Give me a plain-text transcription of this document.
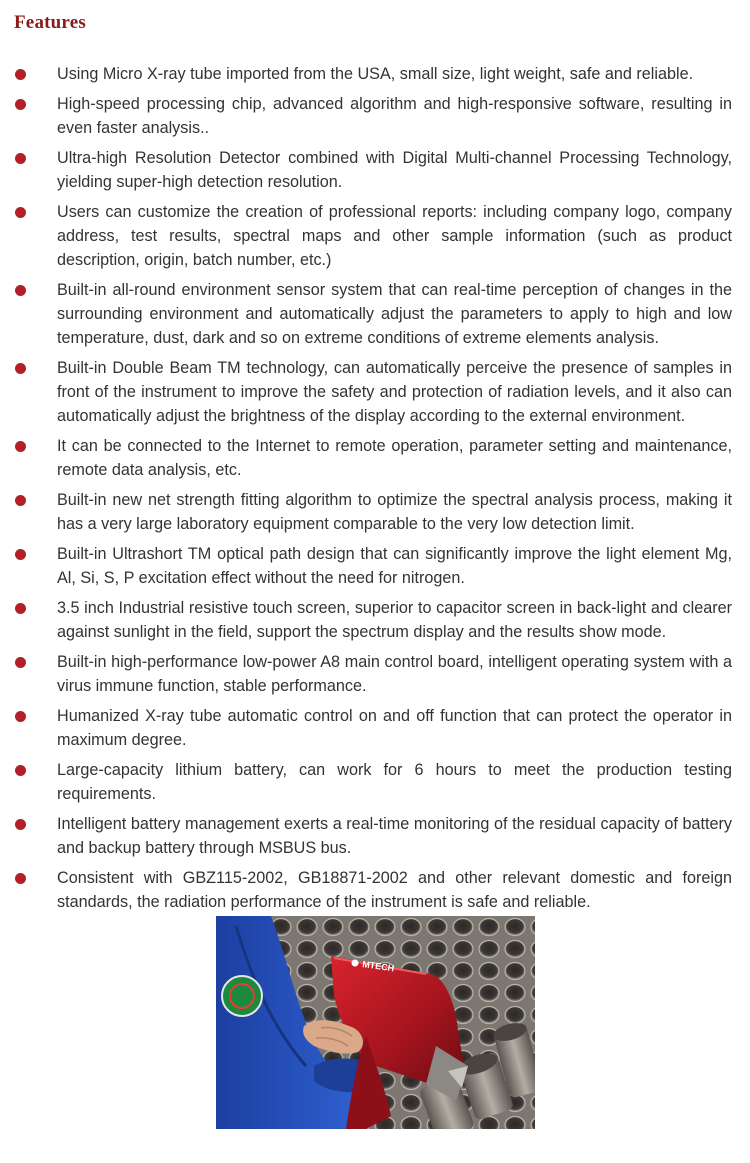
Features
Using Micro X-ray tube imported from the USA, small size, light weight, safe and reliable.
High-speed processing chip, advanced algorithm and high-responsive software, resulting in even faster analysis..
Ultra-high Resolution Detector combined with Digital Multi-channel Processing Technology, yielding super-high detection resolution.
Users can customize the creation of professional reports: including company logo, company address, test results, spectral maps and other sample information (such as product description, origin, batch number, etc.)
Built-in all-round environment sensor system that can real-time perception of changes in the surrounding environment and automatically adjust the parameters to apply to high and low temperature, dust, dark and so on extreme conditions of extreme elements analysis.
Built-in Double Beam TM technology, can automatically perceive the presence of samples in front of the instrument to improve the safety and protection of radiation levels, and it also can automatically adjust the brightness of the display according to the external environment.
It can be connected to the Internet to remote operation, parameter setting and maintenance, remote data analysis, etc.
Built-in new net strength fitting algorithm to optimize the spectral analysis process, making it has a very large laboratory equipment comparable to the very low detection limit.
Built-in Ultrashort TM optical path design that can significantly improve the light element Mg, Al, Si, S, P excitation effect without the need for nitrogen.
3.5 inch Industrial resistive touch screen, superior to capacitor screen in back-light and clearer against sunlight in the field, support the spectrum display and the results show mode.
Built-in high-performance low-power A8 main control board, intelligent operating system with a virus immune function, stable performance.
Humanized X-ray tube automatic control on and off function that can protect the operator in maximum degree.
Large-capacity lithium battery, can work for 6 hours to meet the production testing requirements.
Intelligent battery management exerts a real-time monitoring of the residual capacity of battery and backup battery through MSBUS bus.
Consistent with GBZ115-2002, GB18871-2002 and other relevant domestic and foreign standards, the radiation performance of the instrument is safe and reliable.
MTECH
